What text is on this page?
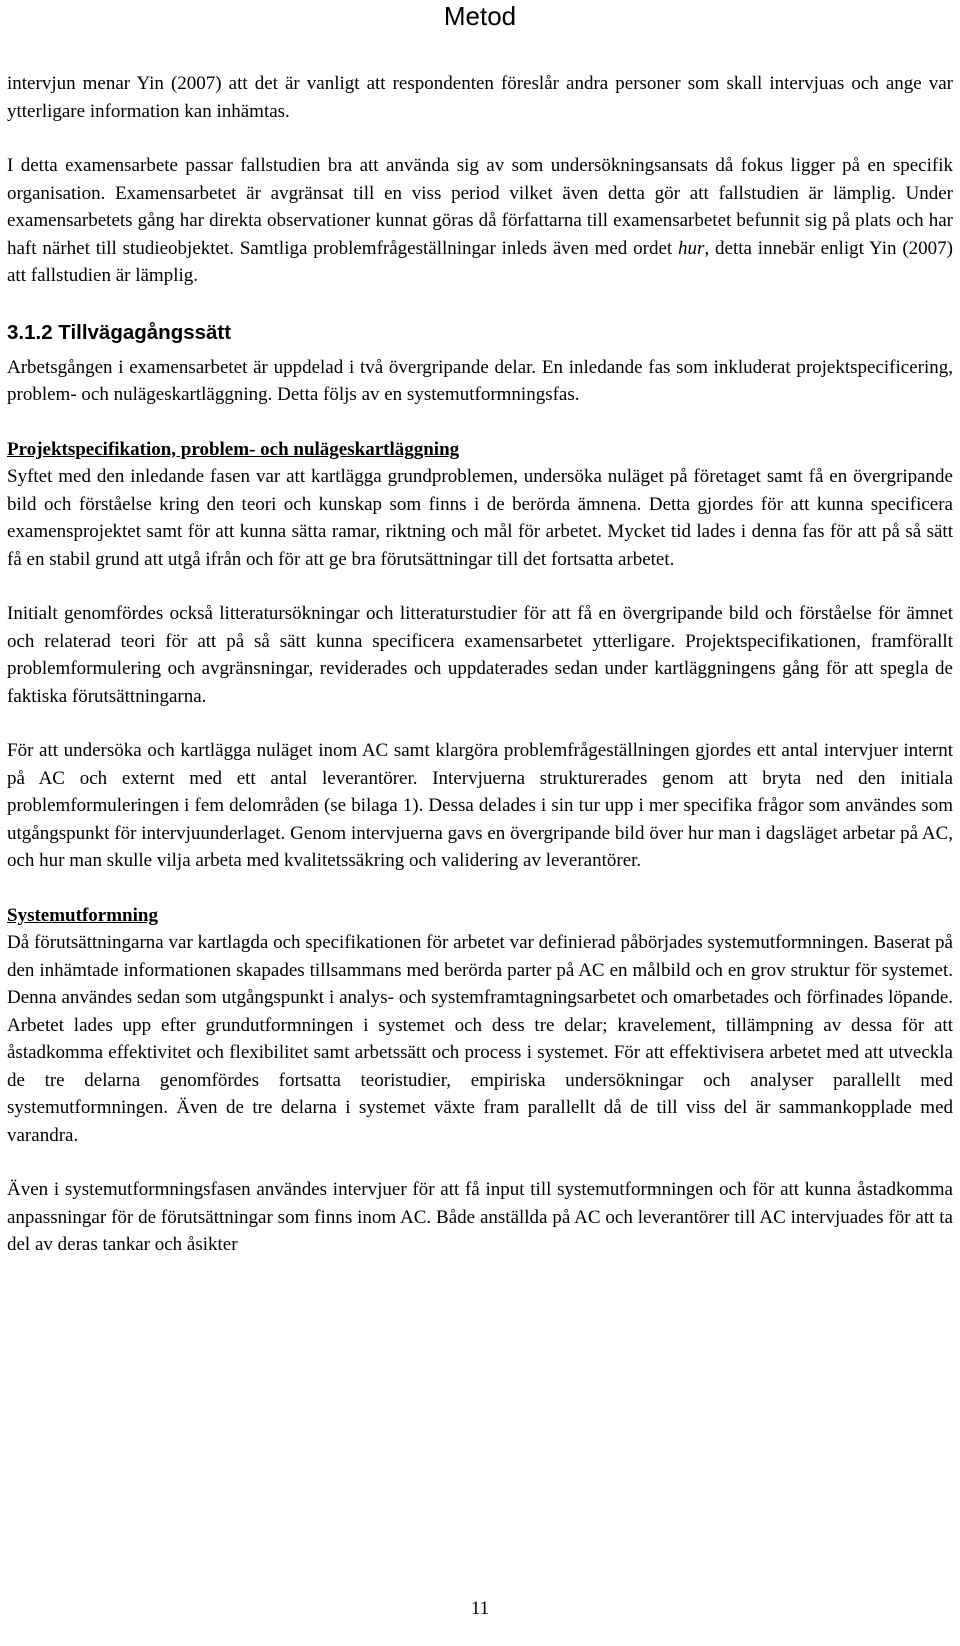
Metod

intervjun menar Yin (2007) att det är vanligt att respondenten föreslår andra personer som skall intervjuas och ange var ytterligare information kan inhämtas.

I detta examensarbete passar fallstudien bra att använda sig av som undersökningsansats då fokus ligger på en specifik organisation. Examensarbetet är avgränsat till en viss period vilket även detta gör att fallstudien är lämplig. Under examensarbetets gång har direkta observationer kunnat göras då författarna till examensarbetet befunnit sig på plats och har haft närhet till studieobjektet. Samtliga problemfrågeställningar inleds även med ordet hur, detta innebär enligt Yin (2007) att fallstudien är lämplig.

3.1.2 Tillvägagångssätt

Arbetsgången i examensarbetet är uppdelad i två övergripande delar. En inledande fas som inkluderat projektspecificering, problem- och nulägeskartläggning. Detta följs av en systemutformningsfas.

Projektspecifikation, problem- och nulägeskartläggning

Syftet med den inledande fasen var att kartlägga grundproblemen, undersöka nuläget på företaget samt få en övergripande bild och förståelse kring den teori och kunskap som finns i de berörda ämnena. Detta gjordes för att kunna specificera examensprojektet samt för att kunna sätta ramar, riktning och mål för arbetet. Mycket tid lades i denna fas för att på så sätt få en stabil grund att utgå ifrån och för att ge bra förutsättningar till det fortsatta arbetet.

Initialt genomfördes också litteratursökningar och litteraturstudier för att få en övergripande bild och förståelse för ämnet och relaterad teori för att på så sätt kunna specificera examensarbetet ytterligare. Projektspecifikationen, framförallt problemformulering och avgränsningar, reviderades och uppdaterades sedan under kartläggningens gång för att spegla de faktiska förutsättningarna.

För att undersöka och kartlägga nuläget inom AC samt klargöra problemfrågeställningen gjordes ett antal intervjuer internt på AC och externt med ett antal leverantörer. Intervjuerna strukturerades genom att bryta ned den initiala problemformuleringen i fem delområden (se bilaga 1). Dessa delades i sin tur upp i mer specifika frågor som användes som utgångspunkt för intervjuunderlaget. Genom intervjuerna gavs en övergripande bild över hur man i dagsläget arbetar på AC, och hur man skulle vilja arbeta med kvalitetssäkring och validering av leverantörer.

Systemutformning

Då förutsättningarna var kartlagda och specifikationen för arbetet var definierad påbörjades systemutformningen. Baserat på den inhämtade informationen skapades tillsammans med berörda parter på AC en målbild och en grov struktur för systemet. Denna användes sedan som utgångspunkt i analys- och systemframtagningsarbetet och omarbetades och förfinades löpande. Arbetet lades upp efter grundutformningen i systemet och dess tre delar; kravelement, tillämpning av dessa för att åstadkomma effektivitet och flexibilitet samt arbetssätt och process i systemet. För att effektivisera arbetet med att utveckla de tre delarna genomfördes fortsatta teoristudier, empiriska undersökningar och analyser parallellt med systemutformningen. Även de tre delarna i systemet växte fram parallellt då de till viss del är sammankopplade med varandra.

Även i systemutformningsfasen användes intervjuer för att få input till systemutformningen och för att kunna åstadkomma anpassningar för de förutsättningar som finns inom AC. Både anställda på AC och leverantörer till AC intervjuades för att ta del av deras tankar och åsikter

11
